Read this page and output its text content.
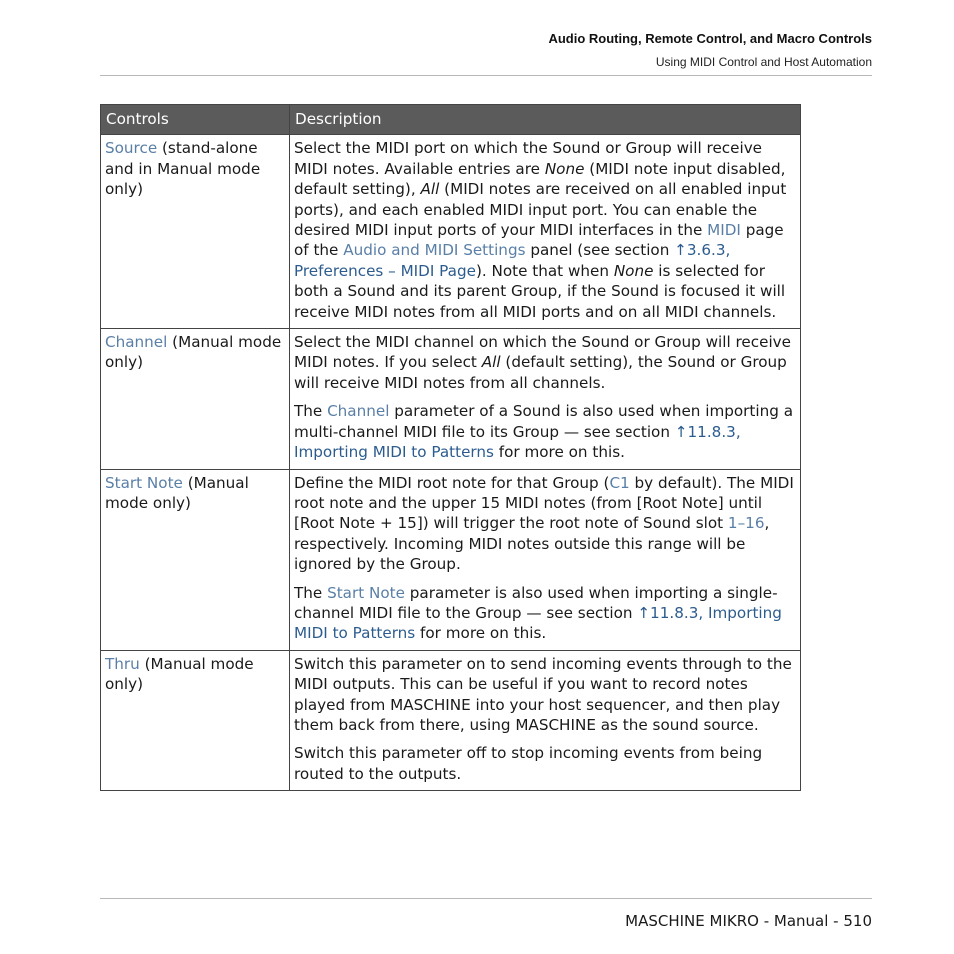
Audio Routing, Remote Control, and Macro Controls
Using MIDI Control and Host Automation
Controls	Description
Source (stand-alone and in Manual mode only)	Select the MIDI port on which the Sound or Group will receive MIDI notes. Available entries are None (MIDI note input disabled, default setting), All (MIDI notes are received on all enabled input ports), and each enabled MIDI input port. You can enable the desired MIDI input ports of your MIDI interfaces in the MIDI page of the Audio and MIDI Settings panel (see section ↑3.6.3, Preferences – MIDI Page). Note that when None is selected for both a Sound and its parent Group, if the Sound is focused it will receive MIDI notes from all MIDI ports and on all MIDI channels.

Channel (Manual mode only)	Select the MIDI channel on which the Sound or Group will receive MIDI notes. If you select All (default setting), the Sound or Group will receive MIDI notes from all channels.

The Channel parameter of a Sound is also used when importing a multi-channel MIDI file to its Group — see section ↑11.8.3, Importing MIDI to Patterns for more on this.

Start Note (Manual mode only)	Define the MIDI root note for that Group (C1 by default). The MIDI root note and the upper 15 MIDI notes (from [Root Note] until [Root Note + 15]) will trigger the root note of Sound slot 1–16, respectively. Incoming MIDI notes outside this range will be ignored by the Group.

The Start Note parameter is also used when importing a single-channel MIDI file to the Group — see section ↑11.8.3, Importing MIDI to Patterns for more on this.

Thru (Manual mode only)	Switch this parameter on to send incoming events through to the MIDI outputs. This can be useful if you want to record notes played from MASCHINE into your host sequencer, and then play them back from there, using MASCHINE as the sound source.

Switch this parameter off to stop incoming events from being routed to the outputs.

MASCHINE MIKRO - Manual - 510
